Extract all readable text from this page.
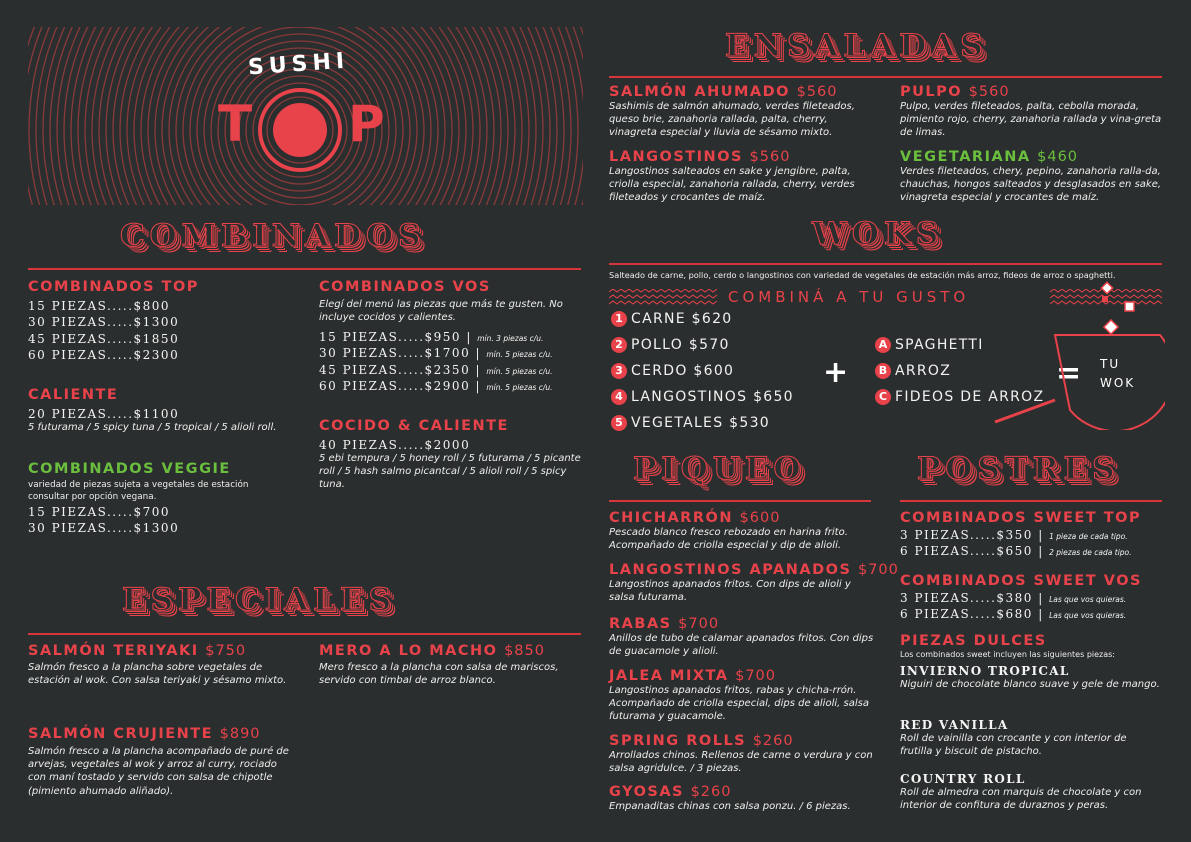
SUSHI
T P
COMBINADOS
COMBINADOS TOP
15 PIEZAS.....$800
30 PIEZAS.....$1300
45 PIEZAS.....$1850
60 PIEZAS.....$2300
CALIENTE
20 PIEZAS.....$1100
5 futurama / 5 spicy tuna / 5 tropical / 5 alioli roll.
COMBINADOS VEGGIE
variedad de piezas sujeta a vegetales de estación consultar por opción vegana.
15 PIEZAS.....$700
30 PIEZAS.....$1300
COMBINADOS VOS
Elegí del menú las piezas que más te gusten. No incluye cocidos y calientes.
15 PIEZAS.....$950 | mín. 3 piezas c/u.
30 PIEZAS.....$1700 | mín. 5 piezas c/u.
45 PIEZAS.....$2350 | mín. 5 piezas c/u.
60 PIEZAS.....$2900 | mín. 5 piezas c/u.
COCIDO & CALIENTE
40 PIEZAS.....$2000
5 ebi tempura / 5 honey roll / 5 futurama / 5 picante roll / 5 hash salmo picantcal / 5 alioli roll / 5 spicy tuna.
ESPECIALES
SALMÓN TERIYAKI $750
Salmón fresco a la plancha sobre vegetales de estación al wok. Con salsa teriyaki y sésamo mixto.
MERO A LO MACHO $850
Mero fresco a la plancha con salsa de mariscos, servido con timbal de arroz blanco.
SALMÓN CRUJIENTE $890
Salmón fresco a la plancha acompañado de puré de arvejas, vegetales al wok y arroz al curry, rociado con maní tostado y servido con salsa de chipotle (pimiento ahumado aliñado).
ENSALADAS
SALMÓN AHUMADO $560
Sashimis de salmón ahumado, verdes fileteados, queso brie, zanahoria rallada, palta, cherry, vinagreta especial y lluvia de sésamo mixto.
PULPO $560
Pulpo, verdes fileteados, palta, cebolla morada, pimiento rojo, cherry, zanahoria rallada y vina-greta de limas.
LANGOSTINOS $560
Langostinos salteados en sake y jengibre, palta, criolla especial, zanahoria rallada, cherry, verdes fileteados y crocantes de maíz.
VEGETARIANA $460
Verdes fileteados, chery, pepino, zanahoria ralla-da, chauchas, hongos salteados y desglasados en sake, vinagreta especial y crocantes de maíz.
WOKS
Salteado de carne, pollo, cerdo o langostinos con variedad de vegetales de estación más arroz, fideos de arroz o spaghetti.
COMBINÁ A TU GUSTO
1 CARNE $620
2 POLLO $570
3 CERDO $600
4 LANGOSTINOS $650
5 VEGETALES $530
+
A SPAGHETTI
B ARROZ
C FIDEOS DE ARROZ
= TU
WOK
PIQUEO
CHICHARRÓN $600
Pescado blanco fresco rebozado en harina frito. Acompañado de criolla especial y dip de alioli.
LANGOSTINOS APANADOS $700
Langostinos apanados fritos. Con dips de alioli y salsa futurama.
RABAS $700
Anillos de tubo de calamar apanados fritos. Con dips de guacamole y alioli.
JALEA MIXTA $700
Langostinos apanados fritos, rabas y chicha-rrón. Acompañado de criolla especial, dips de alioli, salsa futurama y guacamole.
SPRING ROLLS $260
Arrollados chinos. Rellenos de carne o verdura y con salsa agridulce. / 3 piezas.
GYOSAS $260
Empanaditas chinas con salsa ponzu. / 6 piezas.
POSTRES
COMBINADOS SWEET TOP
3 PIEZAS.....$350 | 1 pieza de cada tipo.
6 PIEZAS.....$650 | 2 piezas de cada tipo.
COMBINADOS SWEET VOS
3 PIEZAS.....$380 | Las que vos quieras.
6 PIEZAS.....$680 | Las que vos quieras.
PIEZAS DULCES
Los combinados sweet incluyen las siguientes piezas:
INVIERNO TROPICAL
Niguiri de chocolate blanco suave y gele de mango.
RED VANILLA
Roll de vainilla con crocante y con interior de frutilla y biscuit de pistacho.
COUNTRY ROLL
Roll de almedra con marquis de chocolate y con interior de confitura de duraznos y peras.
